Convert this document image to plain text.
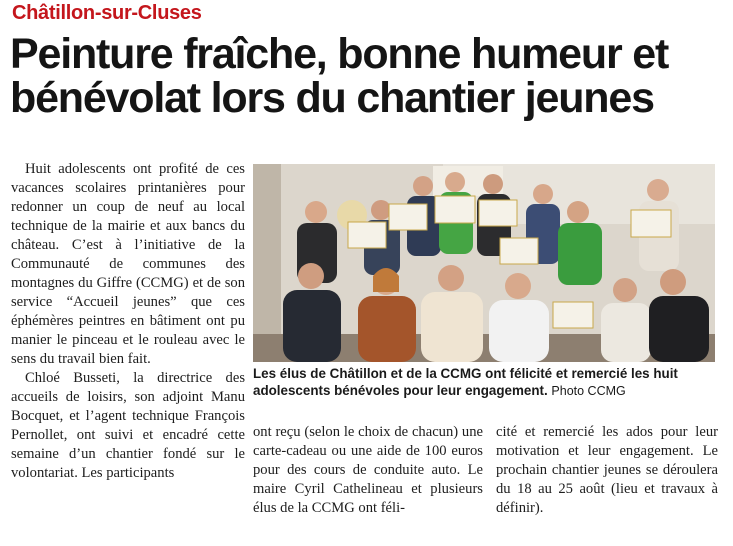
Châtillon-sur-Cluses
Peinture fraîche, bonne humeur et bénévolat lors du chantier jeunes

Huit adolescents ont profité de ces vacances scolaires printanières pour redonner un coup de neuf au local technique de la mairie et aux bancs du château. C’est à l’initiative de la Communauté de communes des montagnes du Giffre (CCMG) et de son service “Accueil jeunes” que ces éphémères peintres en bâtiment ont pu manier le pinceau et le rouleau avec le sens du travail bien fait.

Chloé Busseti, la directrice des accueils de loisirs, son adjoint Manu Bocquet, et l’agent technique François Pernollet, ont suivi et encadré cette semaine d’un chantier fondé sur le volontariat. Les participants

Les élus de Châtillon et de la CCMG ont félicité et remercié les huit adolescents bénévoles pour leur engagement. Photo CCMG

ont reçu (selon le choix de chacun) une carte-cadeau ou une aide de 100 euros pour des cours de conduite auto. Le maire Cyril Cathelineau et plusieurs élus de la CCMG ont féli-

cité et remercié les ados pour leur motivation et leur engagement. Le prochain chantier jeunes se déroulera du 18 au 25 août (lieu et travaux à définir).
